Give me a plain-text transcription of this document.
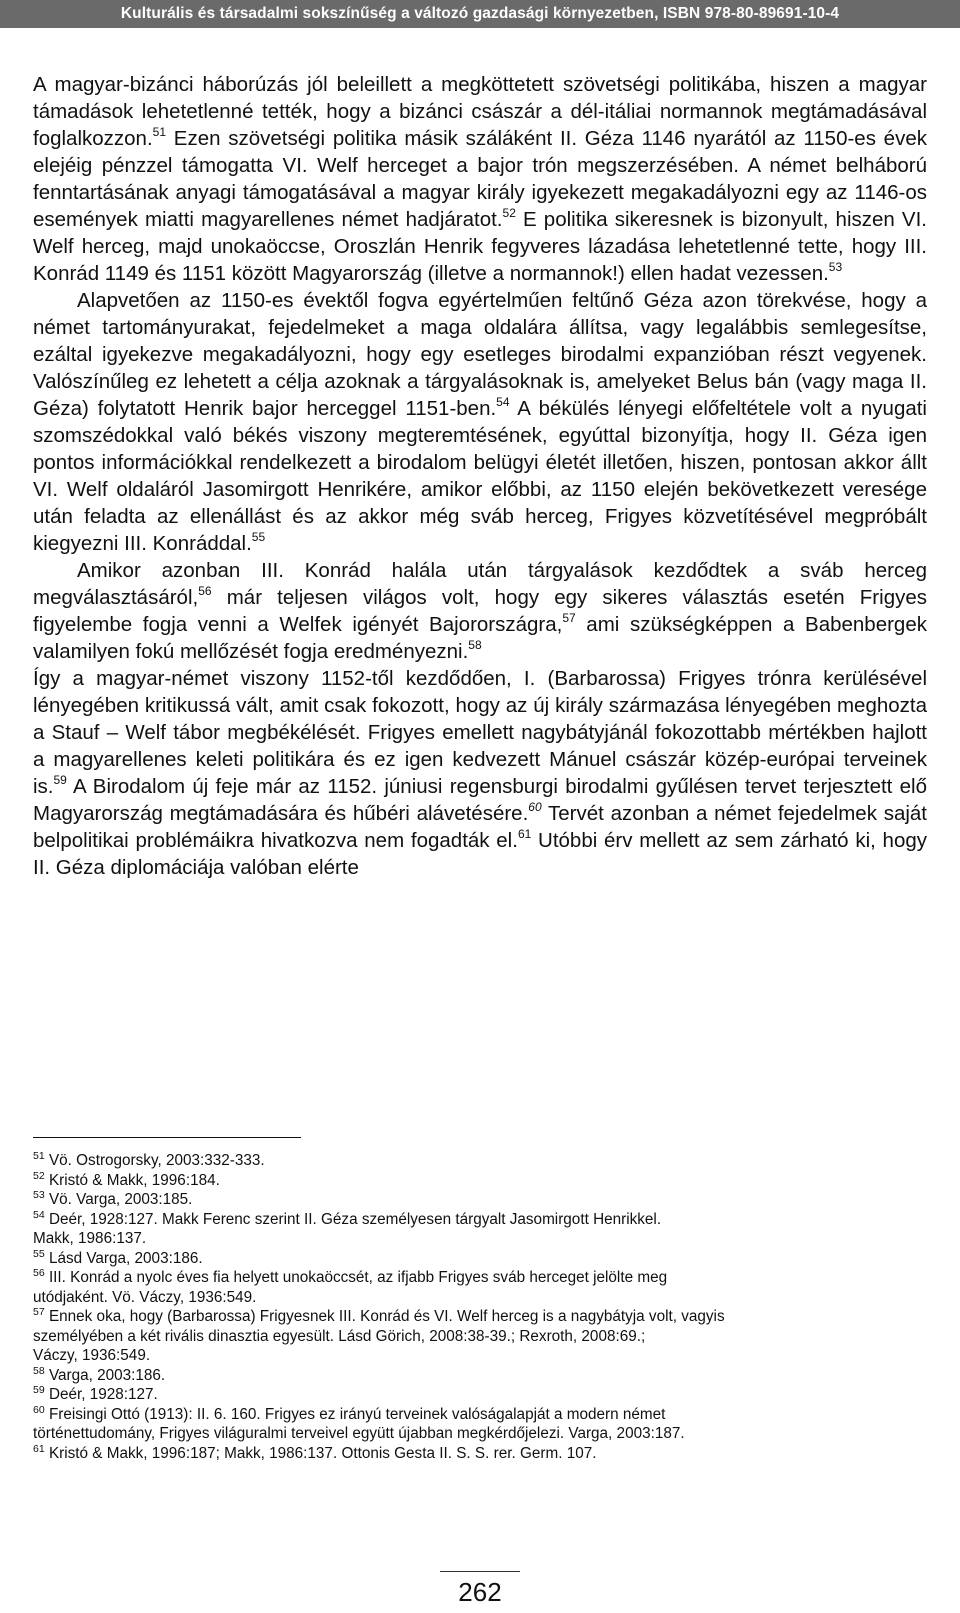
Kulturális és társadalmi sokszínűség a változó gazdasági környezetben, ISBN 978-80-89691-10-4

A magyar-bizánci háborúzás jól beleillett a megköttetett szövetségi politikába, hiszen a magyar támadások lehetetlenné tették, hogy a bizánci császár a dél-itáliai normannok megtámadásával foglalkozzon.$^{51}$ Ezen szövetségi politika másik száláként II. Géza 1146 nyarától az 1150-es évek elejéig pénzzel támogatta VI. Welf herceget a bajor trón megszerzésében. A német belháború fenntartásának anyagi támogatásával a magyar király igyekezett megakadályozni egy az 1146-os események miatti magyarellenes német hadjáratot.$^{52}$ E politika sikeresnek is bizonyult, hiszen VI. Welf herceg, majd unokaöccse, Oroszlán Henrik fegyveres lázadása lehetetlenné tette, hogy III. Konrád 1149 és 1151 között Magyarország (illetve a normannok!) ellen hadat vezessen.$^{53}$

Alapvetően az 1150-es évektől fogva egyértelműen feltűnő Géza azon törekvése, hogy a német tartományurakat, fejedelmeket a maga oldalára állítsa, vagy legalábbis semlegesítse, ezáltal igyekezve megakadályozni, hogy egy esetleges birodalmi expanzióban részt vegyenek. Valószínűleg ez lehetett a célja azoknak a tárgyalásoknak is, amelyeket Belus bán (vagy maga II. Géza) folytatott Henrik bajor herceggel 1151-ben.$^{54}$ A békülés lényegi előfeltétele volt a nyugati szomszédokkal való békés viszony megteremtésének, egyúttal bizonyítja, hogy II. Géza igen pontos információkkal rendelkezett a birodalom belügyi életét illetően, hiszen, pontosan akkor állt VI. Welf oldaláról Jasomirgott Henrikére, amikor előbbi, az 1150 elején bekövetkezett veresége után feladta az ellenállást és az akkor még sváb herceg, Frigyes közvetítésével megpróbált kiegyezni III. Konráddal.$^{55}$

Amikor azonban III. Konrád halála után tárgyalások kezdődtek a sváb herceg megválasztásáról,$^{56}$ már teljesen világos volt, hogy egy sikeres választás esetén Frigyes figyelembe fogja venni a Welfek igényét Bajorországra,$^{57}$ ami szükségképpen a Babenbergek valamilyen fokú mellőzését fogja eredményezni.$^{58}$

Így a magyar-német viszony 1152-től kezdődően, I. (Barbarossa) Frigyes trónra kerülésével lényegében kritikussá vált, amit csak fokozott, hogy az új király származása lényegében meghozta a Stauf – Welf tábor megbékélését. Frigyes emellett nagybátyjánál fokozottabb mértékben hajlott a magyarellenes keleti politikára és ez igen kedvezett Mánuel császár közép-európai terveinek is.$^{59}$ A Birodalom új feje már az 1152. júniusi regensburgi birodalmi gyűlésen tervet terjesztett elő Magyarország megtámadására és hűbéri alávetésére.$^{60}$ Tervét azonban a német fejedelmek saját belpolitikai problémáikra hivatkozva nem fogadták el.$^{61}$ Utóbbi érv mellett az sem zárható ki, hogy II. Géza diplomáciája valóban elérte

$^{51}$ Vö. Ostrogorsky, 2003:332-333.

$^{52}$ Kristó & Makk, 1996:184.

$^{53}$ Vö. Varga, 2003:185.

$^{54}$ Deér, 1928:127. Makk Ferenc szerint II. Géza személyesen tárgyalt Jasomirgott Henrikkel.
Makk, 1986:137.

$^{55}$ Lásd Varga, 2003:186.

$^{56}$ III. Konrád a nyolc éves fia helyett unokaöccsét, az ifjabb Frigyes sváb herceget jelölte meg
utódjaként. Vö. Váczy, 1936:549.

$^{57}$ Ennek oka, hogy (Barbarossa) Frigyesnek III. Konrád és VI. Welf herceg is a nagybátyja volt, vagyis
személyében a két rivális dinasztia egyesült. Lásd Görich, 2008:38-39.; Rexroth, 2008:69.;
Váczy, 1936:549.

$^{58}$ Varga, 2003:186.

$^{59}$ Deér, 1928:127.

$^{60}$ Freisingi Ottó (1913): II. 6. 160. Frigyes ez irányú terveinek valóságalapját a modern német
történettudomány, Frigyes világuralmi terveivel együtt újabban megkérdőjelezi. Varga, 2003:187.

$^{61}$ Kristó & Makk, 1996:187; Makk, 1986:137. Ottonis Gesta II. S. S. rer. Germ. 107.

262
